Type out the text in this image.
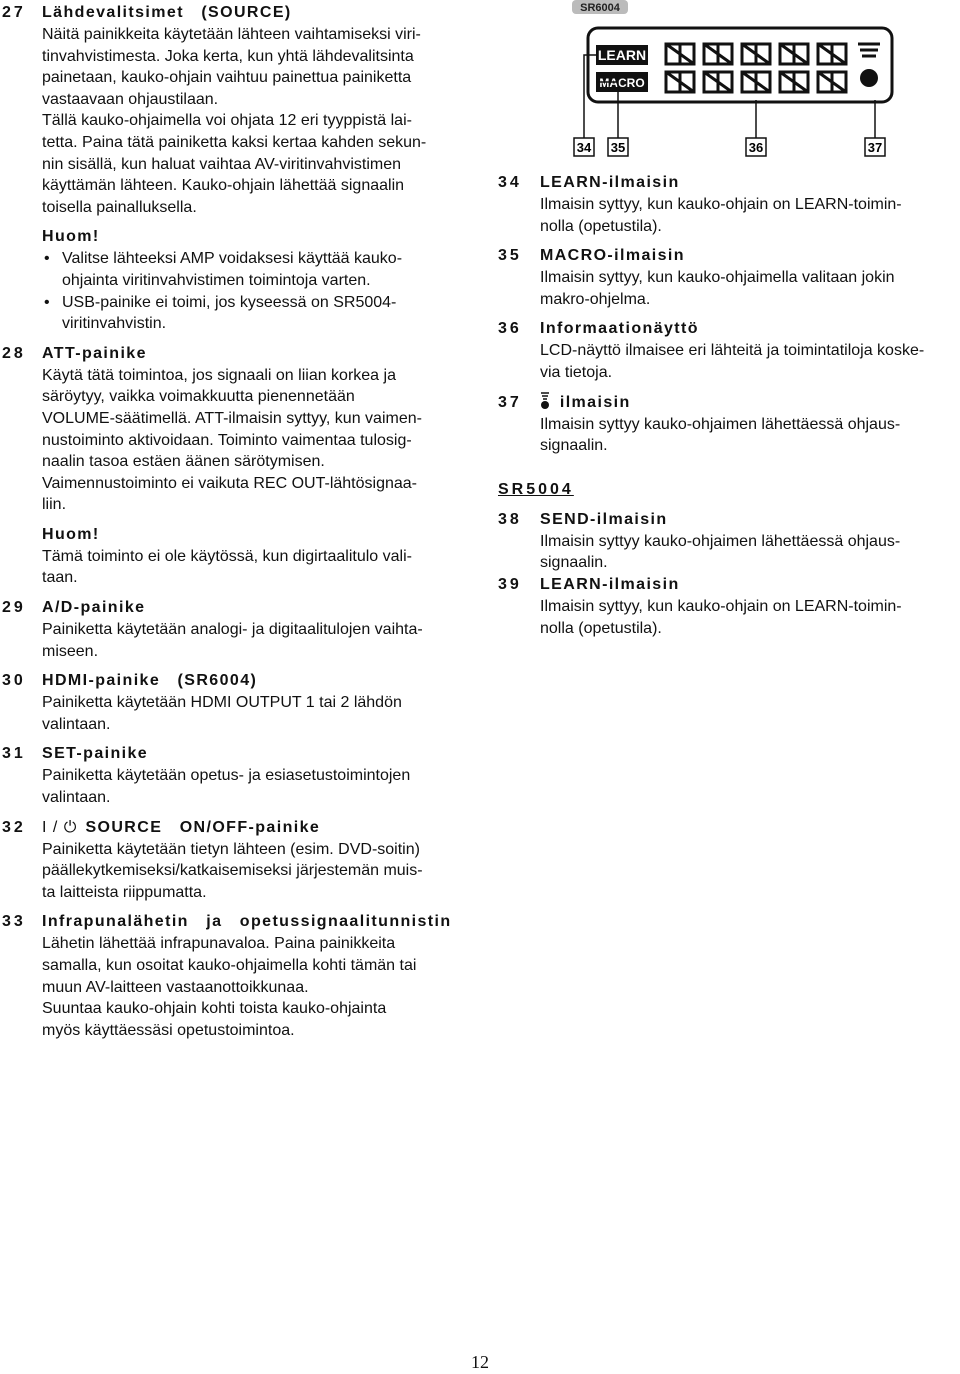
27 Lähdevalitsimet　(SOURCE)
Näitä painikkeita käytetään lähteen vaihtamiseksi viri-
tinvahvistimesta. Joka kerta, kun yhtä lähdevalitsinta
painetaan, kauko-ohjain vaihtuu painettua painiketta
vastaavaan ohjaustilaan.
Tällä kauko-ohjaimella voi ohjata 12 eri tyyppistä lai-
tetta. Paina tätä painiketta kaksi kertaa kahden sekun-
nin sisällä, kun haluat vaihtaa AV-viritinvahvistimen
käyttämän lähteen. Kauko-ohjain lähettää signaalin
toisella painalluksella.
Huom!
• Valitse lähteeksi AMP voidaksesi käyttää kauko-
ohjainta viritinvahvistimen toimintoja varten.
• USB-painike ei toimi, jos kyseessä on SR5004-
viritinvahvistin.
28 ATT-painike
Käytä tätä toimintoa, jos signaali on liian korkea ja
säröytyy, vaikka voimakkuutta pienennetään
VOLUME-säätimellä. ATT-ilmaisin syttyy, kun vaimen-
nustoiminto aktivoidaan. Toiminto vaimentaa tulosig-
naalin tasoa estäen äänen särötymisen.
Vaimennustoiminto ei vaikuta REC OUT-lähtösignaa-
liin.
Huom!
Tämä toiminto ei ole käytössä, kun digirtaalitulo vali-
taan.
29 A/D-painike
Painiketta käytetään analogi- ja digitaalitulojen vaihta-
miseen.
30 HDMI-painike　(SR6004)
Painiketta käytetään HDMI OUTPUT 1 tai 2 lähdön
valintaan.
31 SET-painike
Painiketta käytetään opetus- ja esiasetustoimintojen
valintaan.
32 I / ⏻ SOURCE　ON/OFF-painike
Painiketta käytetään tietyn lähteen (esim. DVD-soitin)
päällekytkemiseksi/katkaisemiseksi järjestemän muis-
ta laitteista riippumatta.
33 Infrapunalähetin　ja　opetussignaalitunnistin
Lähetin lähettää infrapunavaloa. Paina painikkeita
samalla, kun osoitat kauko-ohjaimella kohti tämän tai
muun AV-laitteen vastaanottoikkunaa.
Suuntaa kauko-ohjain kohti toista kauko-ohjainta
myös käyttäessäsi opetustoimintoa.
SR6004
LEARN
MACRO
34 35	36	37
34 LEARN-ilmaisin
Ilmaisin syttyy, kun kauko-ohjain on LEARN-toimin-
nolla (opetustila).
35 MACRO-ilmaisin
Ilmaisin syttyy, kun kauko-ohjaimella valitaan jokin
makro-ohjelma.
36 Informaationäyttö
LCD-näyttö ilmaisee eri lähteitä ja toimintatiloja koske-
via tietoja.
37	ilmaisin
Ilmaisin syttyy kauko-ohjaimen lähettäessä ohjaus-
signaalin.
SR5004
38 SEND-ilmaisin
Ilmaisin syttyy kauko-ohjaimen lähettäessä ohjaus-
signaalin.
39 LEARN-ilmaisin
Ilmaisin syttyy, kun kauko-ohjain on LEARN-toimin-
nolla (opetustila).
12
